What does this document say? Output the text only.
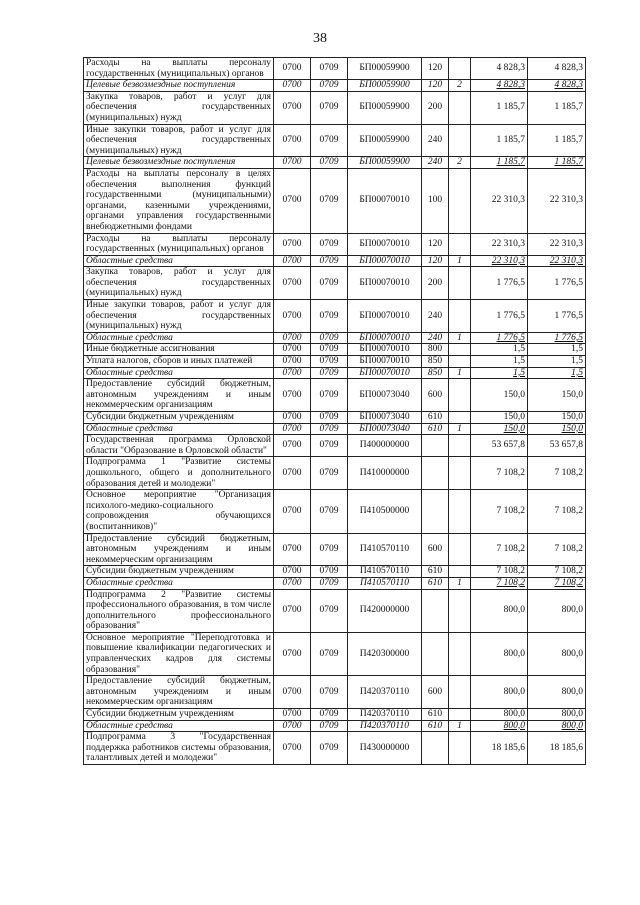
38
Расходы на выплаты персоналу государственных (муниципальных) органов	0700	0709	БП00059900	120		4 828,3	4 828,3
Целевые безвозмездные поступления	0700	0709	БП00059900	120	2	4 828,3	4 828,3
Закупка товаров, работ и услуг для обеспечения государственных (муниципальных) нужд	0700	0709	БП00059900	200		1 185,7	1 185,7
Иные закупки товаров, работ и услуг для обеспечения государственных (муниципальных) нужд	0700	0709	БП00059900	240		1 185,7	1 185,7
Целевые безвозмездные поступления	0700	0709	БП00059900	240	2	1 185,7	1 185,7
Расходы на выплаты персоналу в целях обеспечения выполнения функций государственными (муниципальными) органами, казенными учреждениями, органами управления государственными внебюджетными фондами	0700	0709	БП00070010	100		22 310,3	22 310,3
Расходы на выплаты персоналу государственных (муниципальных) органов	0700	0709	БП00070010	120		22 310,3	22 310,3
Областные средства	0700	0709	БП00070010	120	1	22 310,3	22 310,3
Закупка товаров, работ и услуг для обеспечения государственных (муниципальных) нужд	0700	0709	БП00070010	200		1 776,5	1 776,5
Иные закупки товаров, работ и услуг для обеспечения государственных (муниципальных) нужд	0700	0709	БП00070010	240		1 776,5	1 776,5
Областные средства	0700	0709	БП00070010	240	1	1 776,5	1 776,5
Иные бюджетные ассигнования	0700	0709	БП00070010	800		1,5	1,5
Уплата налогов, сборов и иных платежей	0700	0709	БП00070010	850		1,5	1,5
Областные средства	0700	0709	БП00070010	850	1	1,5	1,5
Предоставление субсидий бюджетным, автономным учреждениям и иным некоммерческим организациям	0700	0709	БП00073040	600		150,0	150,0
Субсидии бюджетным учреждениям	0700	0709	БП00073040	610		150,0	150,0
Областные средства	0700	0709	БП00073040	610	1	150,0	150,0
Государственная программа Орловской области "Образование в Орловской области"	0700	0709	П400000000			53 657,8	53 657,8
Подпрограмма 1 "Развитие системы дошкольного, общего и дополнительного образования детей и молодежи"	0700	0709	П410000000			7 108,2	7 108,2
Основное мероприятие "Организация психолого-медико-социального сопровождения обучающихся (воспитанников)"	0700	0709	П410500000			7 108,2	7 108,2
Предоставление субсидий бюджетным, автономным учреждениям и иным некоммерческим организациям	0700	0709	П410570110	600		7 108,2	7 108,2
Субсидии бюджетным учреждениям	0700	0709	П410570110	610		7 108,2	7 108,2
Областные средства	0700	0709	П410570110	610	1	7 108,2	7 108,2
Подпрограмма 2 "Развитие системы профессионального образования, в том числе дополнительного профессионального образования"	0700	0709	П420000000			800,0	800,0
Основное мероприятие "Переподготовка и повышение квалификации педагогических и управленческих кадров для системы образования"	0700	0709	П420300000			800,0	800,0
Предоставление субсидий бюджетным, автономным учреждениям и иным некоммерческим организациям	0700	0709	П420370110	600		800,0	800,0
Субсидии бюджетным учреждениям	0700	0709	П420370110	610		800,0	800,0
Областные средства	0700	0709	П420370110	610	1	800,0	800,0
Подпрограмма 3 "Государственная поддержка работников системы образования, талантливых детей и молодежи"	0700	0709	П430000000			18 185,6	18 185,6
